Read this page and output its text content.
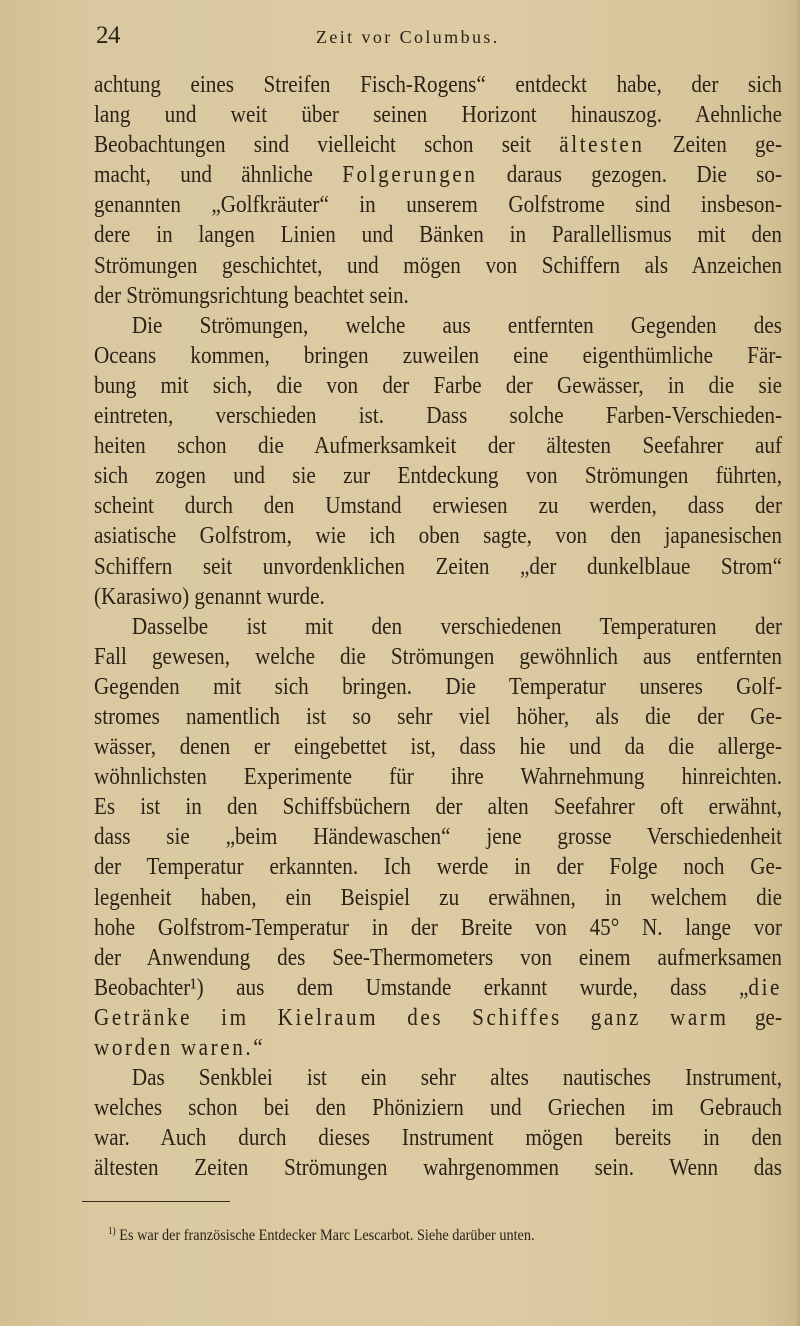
24	Zeit vor Columbus.

achtung eines Streifen Fisch-Rogens“ entdeckt habe, der sich
lang und weit über seinen Horizont hinauszog. Aehnliche
Beobachtungen sind vielleicht schon seit ältesten Zeiten ge-
macht, und ähnliche Folgerungen daraus gezogen. Die so-
genannten „Golfkräuter“ in unserem Golfstrome sind insbeson-
dere in langen Linien und Bänken in Parallellismus mit den
Strömungen geschichtet, und mögen von Schiffern als Anzeichen
der Strömungsrichtung beachtet sein.

Die Strömungen, welche aus entfernten Gegenden des
Oceans kommen, bringen zuweilen eine eigenthümliche Fär-
bung mit sich, die von der Farbe der Gewässer, in die sie
eintreten, verschieden ist. Dass solche Farben-Verschieden-
heiten schon die Aufmerksamkeit der ältesten Seefahrer auf
sich zogen und sie zur Entdeckung von Strömungen führten,
scheint durch den Umstand erwiesen zu werden, dass der
asiatische Golfstrom, wie ich oben sagte, von den japanesischen
Schiffern seit unvordenklichen Zeiten „der dunkelblaue Strom“
(Karasiwo) genannt wurde.

Dasselbe ist mit den verschiedenen Temperaturen der
Fall gewesen, welche die Strömungen gewöhnlich aus entfernten
Gegenden mit sich bringen. Die Temperatur unseres Golf-
stromes namentlich ist so sehr viel höher, als die der Ge-
wässer, denen er eingebettet ist, dass hie und da die allerge-
wöhnlichsten Experimente für ihre Wahrnehmung hinreichten.
Es ist in den Schiffsbüchern der alten Seefahrer oft erwähnt,
dass sie „beim Händewaschen“ jene grosse Verschiedenheit
der Temperatur erkannten. Ich werde in der Folge noch Ge-
legenheit haben, ein Beispiel zu erwähnen, in welchem die
hohe Golfstrom-Temperatur in der Breite von 45° N. lange vor
der Anwendung des See-Thermometers von einem aufmerksamen
Beobachter¹) aus dem Umstande erkannt wurde, dass „die
Getränke im Kielraum des Schiffes ganz warm ge-
worden waren.“

Das Senkblei ist ein sehr altes nautisches Instrument,
welches schon bei den Phöniziern und Griechen im Gebrauch
war. Auch durch dieses Instrument mögen bereits in den
ältesten Zeiten Strömungen wahrgenommen sein. Wenn das

$^{1)}$ Es war der französische Entdecker Marc Lescarbot. Siehe darüber unten.
